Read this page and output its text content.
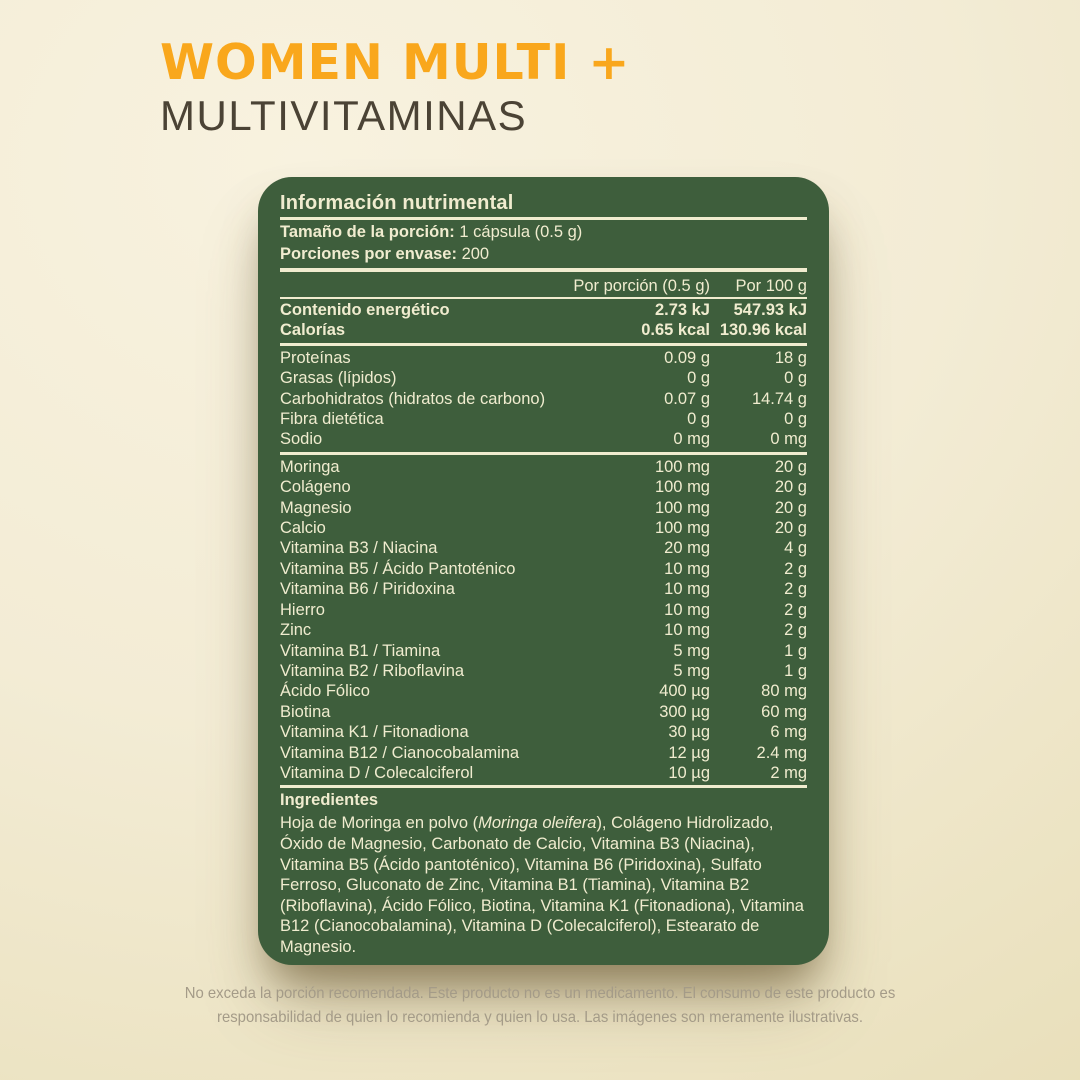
WOMEN MULTI +
MULTIVITAMINAS
Información nutrimental
Tamaño de la porción: 1 cápsula (0.5 g)
Porciones por envase: 200
Por porción (0.5 g)	Por 100 g
Contenido energético	2.73 kJ	547.93 kJ
Calorías	0.65 kcal 130.96 kcal
Proteínas	0.09 g	18 g
Grasas (lípidos)	0 g	0 g
Carbohidratos (hidratos de carbono)	0.07 g	14.74 g
Fibra dietética	0 g	0 g
Sodio	0 mg	0 mg
Moringa	100 mg	20 g
Colágeno	100 mg	20 g
Magnesio	100 mg	20 g
Calcio	100 mg	20 g
Vitamina B3 / Niacina	20 mg	4 g
Vitamina B5 / Ácido Pantoténico	10 mg	2 g
Vitamina B6 / Piridoxina	10 mg	2 g
Hierro	10 mg	2 g
Zinc	10 mg	2 g
Vitamina B1 / Tiamina	5 mg	1 g
Vitamina B2 / Riboflavina	5 mg	1 g
Ácido Fólico	400 µg	80 mg
Biotina	300 µg	60 mg
Vitamina K1 / Fitonadiona	30 µg	6 mg
Vitamina B12 / Cianocobalamina	12 µg	2.4 mg
Vitamina D / Colecalciferol	10 µg	2 mg
Ingredientes
Hoja de Moringa en polvo (Moringa oleifera), Colágeno Hidrolizado, Óxido de Magnesio, Carbonato de Calcio, Vitamina B3 (Niacina), Vitamina B5 (Ácido pantoténico), Vitamina B6 (Piridoxina), Sulfato Ferroso, Gluconato de Zinc, Vitamina B1 (Tiamina), Vitamina B2 (Riboflavina), Ácido Fólico, Biotina, Vitamina K1 (Fitonadiona), Vitamina B12 (Cianocobalamina), Vitamina D (Colecalciferol), Estearato de Magnesio.
No exceda la porción recomendada. Este producto no es un medicamento. El consumo de este producto es
responsabilidad de quien lo recomienda y quien lo usa. Las imágenes son meramente ilustrativas.
